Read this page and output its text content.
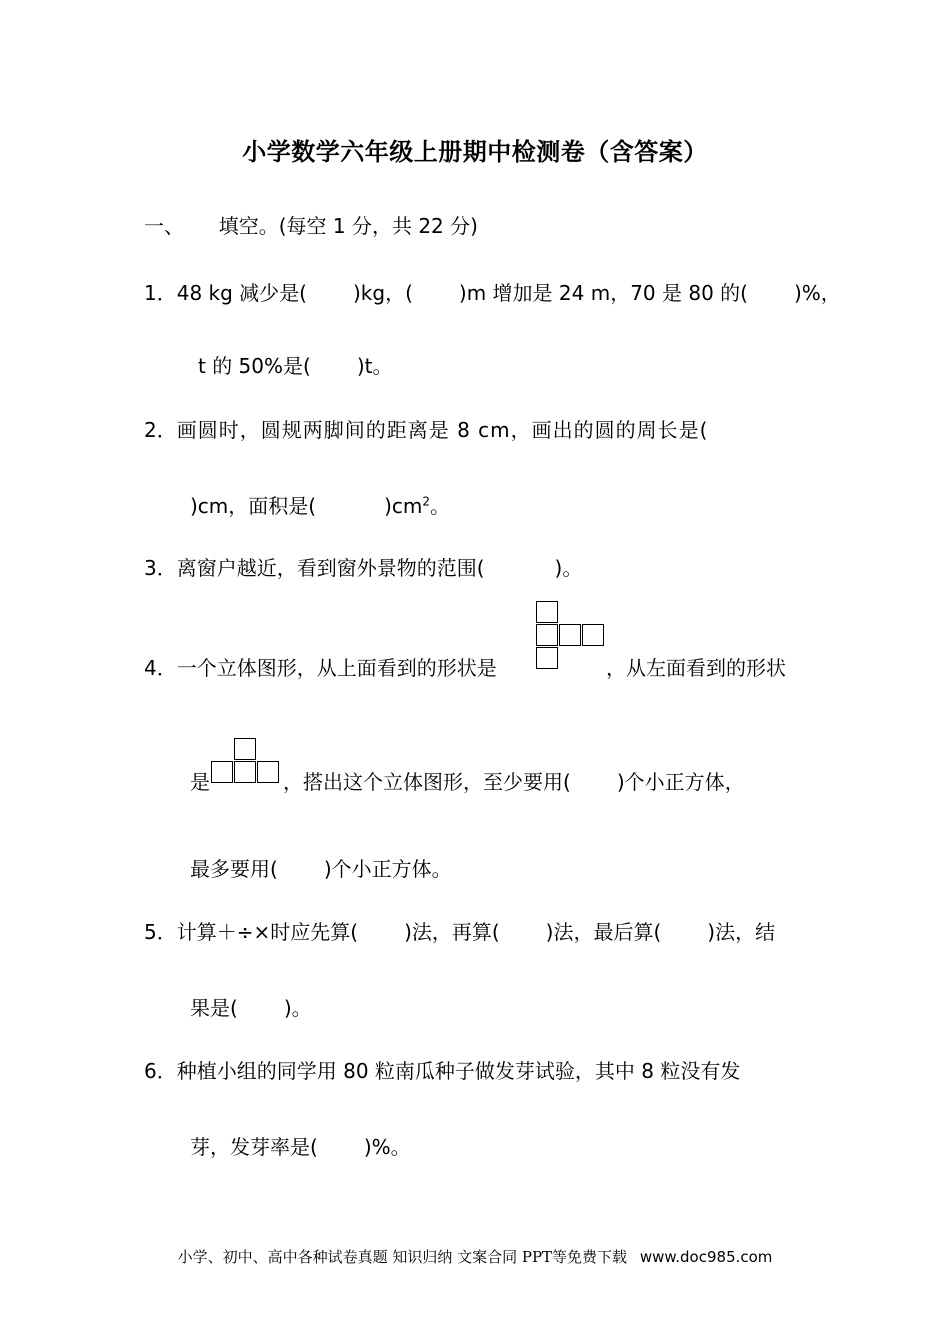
小学数学六年级上册期中检测卷（含答案）
一、 填空。(每空 1 分，共 22 分)
1．48 kg 减少是( )kg，( )m 增加是 24 m，70 是 80 的( )%，
t 的 50%是( )t。
2．画圆时，圆规两脚间的距离是 8 cm，画出的圆的周长是(
)cm，面积是(	)$cm^2$。
3．离窗户越近，看到窗外景物的范围(	)。
4．一个立体图形，从上面看到的形状是	，从左面看到的形状
是	，搭出这个立体图形，至少要用( )个小正方体，
最多要用( )个小正方体。
5．计算＋÷×时应先算( )法，再算( )法，最后算( )法，结
果是( )。
6．种植小组的同学用 80 粒南瓜种子做发芽试验，其中 8 粒没有发
芽，发芽率是( )%。
小学、初中、高中各种试卷真题 知识归纳 文案合同 PPT等免费下载 www.doc985.com
